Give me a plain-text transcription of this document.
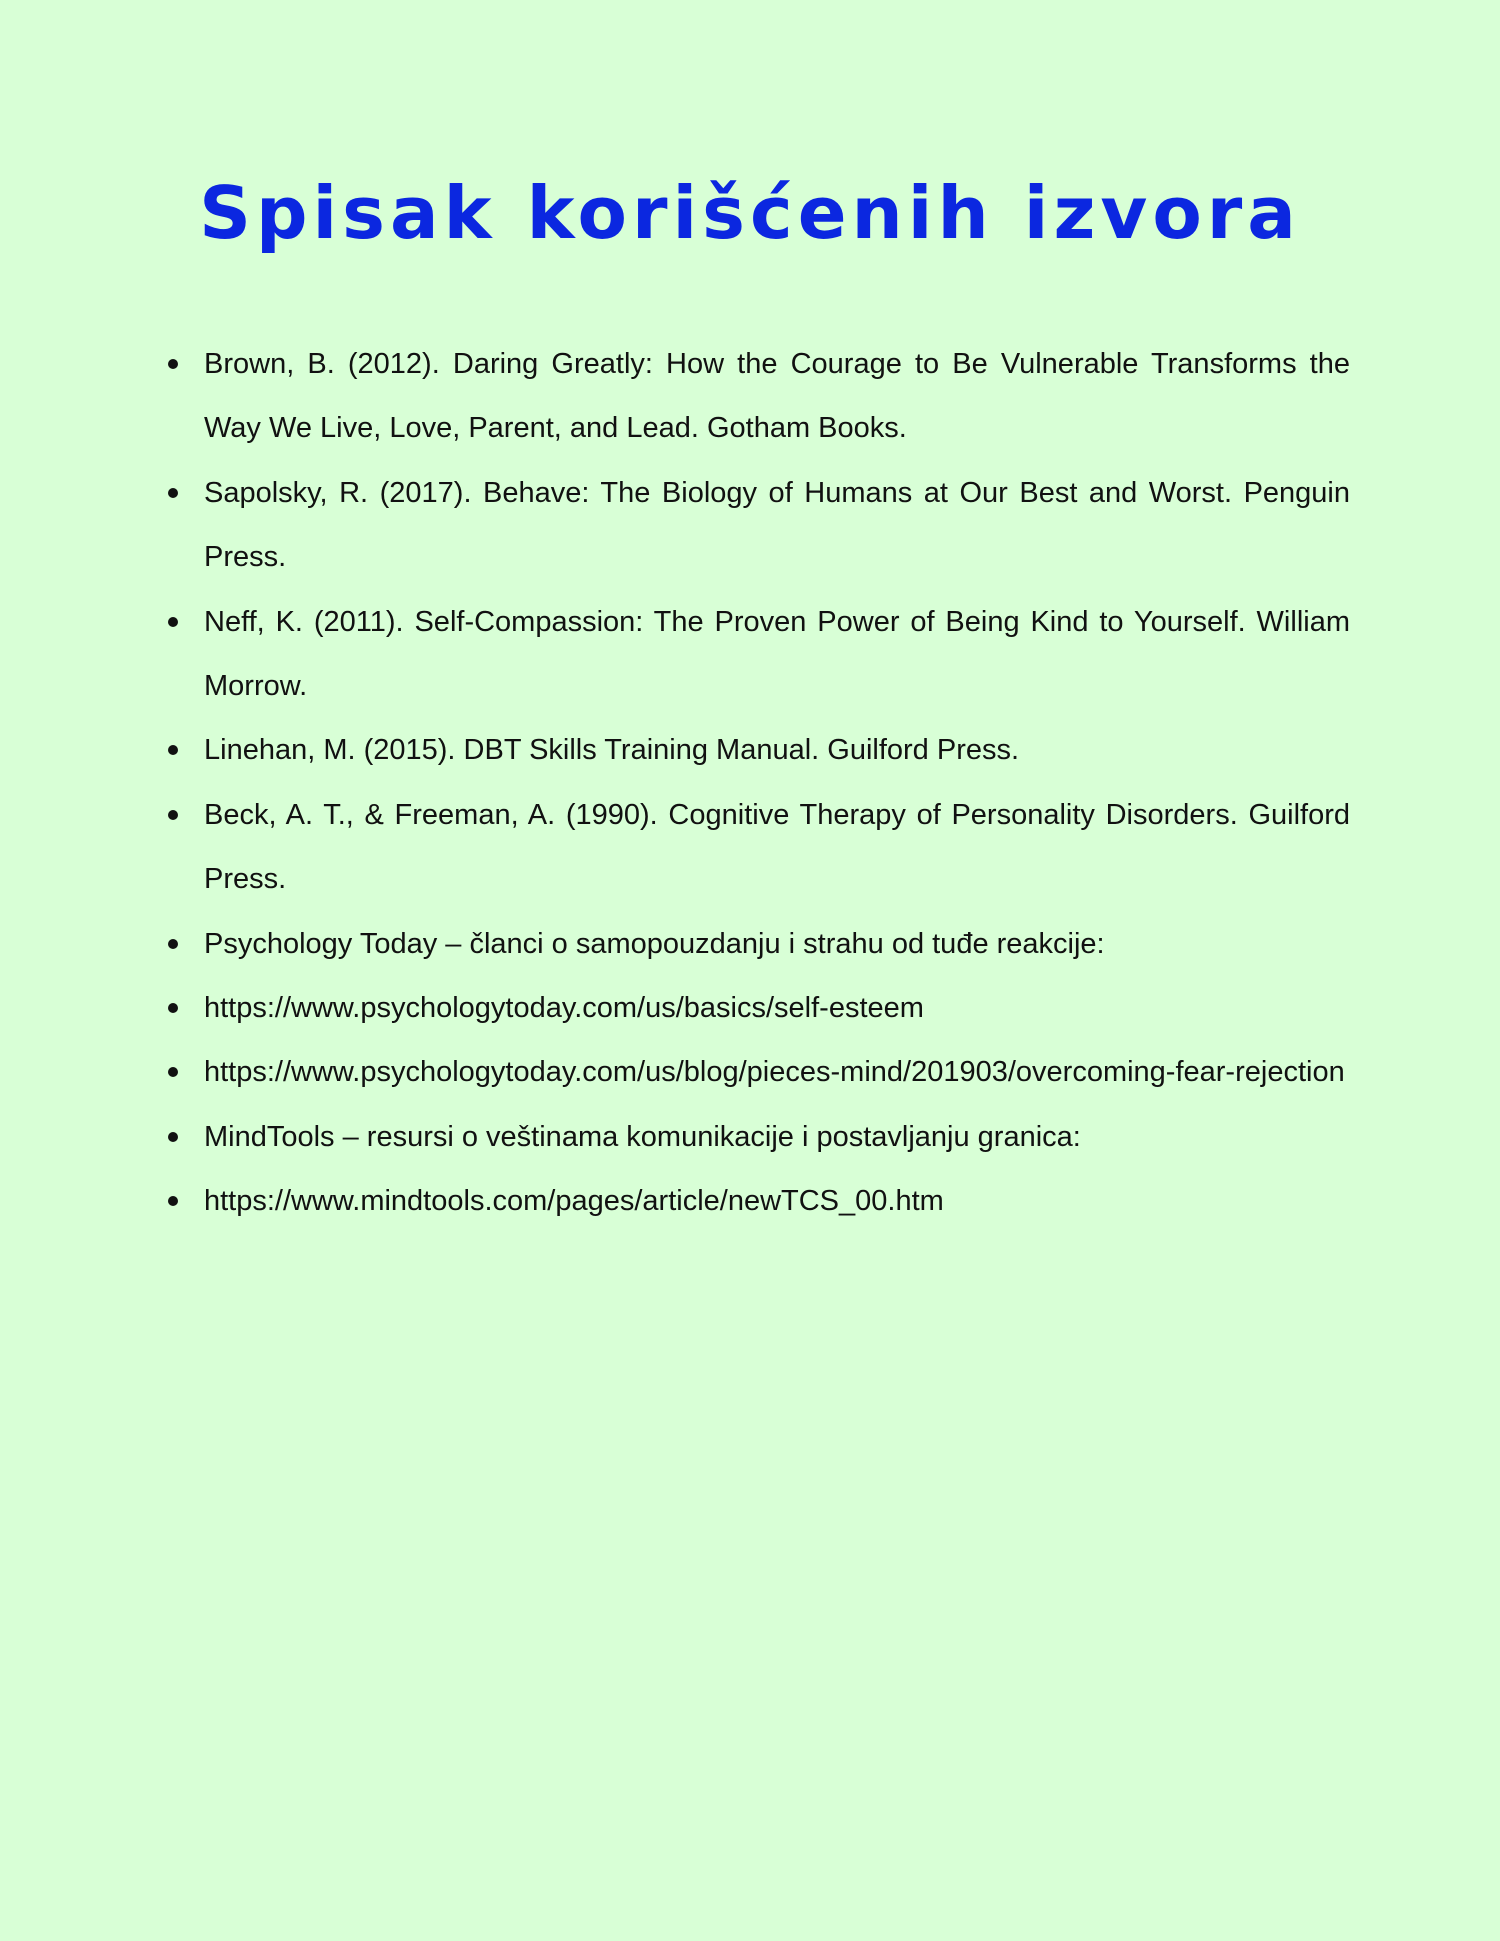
Spisak korišćenih izvora
Brown, B. (2012). Daring Greatly: How the Courage to Be Vulnerable Transforms the Way We Live, Love, Parent, and Lead. Gotham Books.
Sapolsky, R. (2017). Behave: The Biology of Humans at Our Best and Worst. Penguin Press.
Neff, K. (2011). Self-Compassion: The Proven Power of Being Kind to Yourself. William Morrow.
Linehan, M. (2015). DBT Skills Training Manual. Guilford Press.
Beck, A. T., & Freeman, A. (1990). Cognitive Therapy of Personality Disorders. Guilford Press.
Psychology Today – članci o samopouzdanju i strahu od tuđe reakcije:
https://www.psychologytoday.com/us/basics/self-esteem
https://www.psychologytoday.com/us/blog/pieces-mind/201903/overcoming-fear-rejection
MindTools – resursi o veštinama komunikacije i postavljanju granica:
https://www.mindtools.com/pages/article/newTCS_00.htm
